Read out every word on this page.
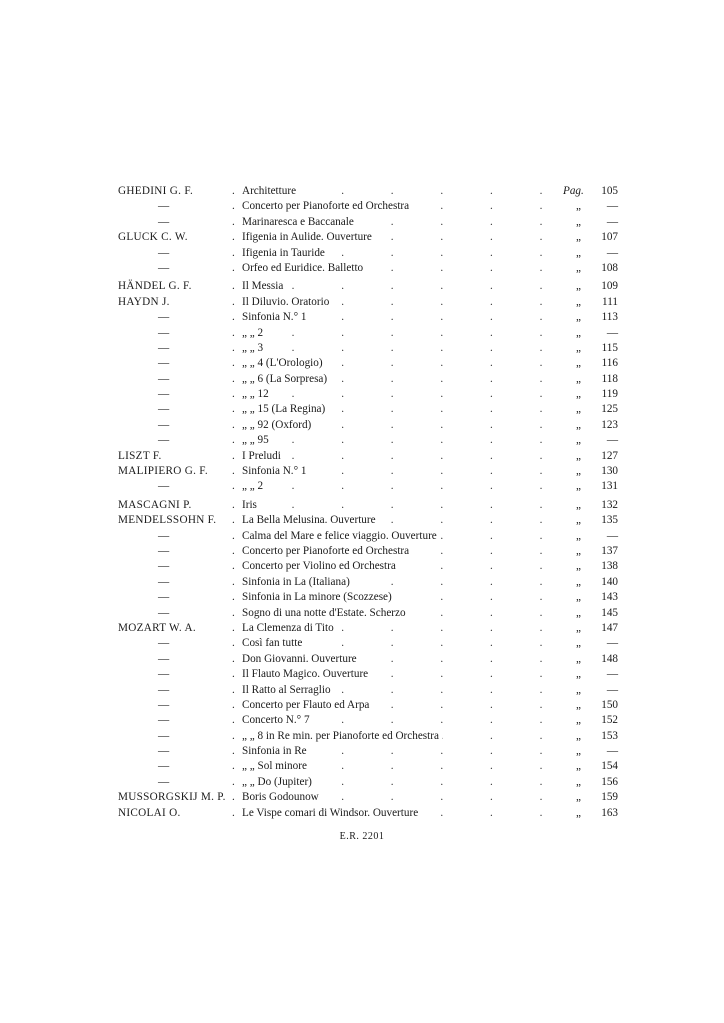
GHEDINI G. F.	. Architetture . . .	Pag.	105
—	. Concerto per Pianoforte ed Orchestra . . .	„	—
—	. Marinaresca e Baccanale . . .	„	—
GLUCK C. W.	. Ifigenia in Aulide. Ouverture . . .	„	107
—	. Ifigenia in Tauride . . .	„	—
—	. Orfeo ed Euridice. Balletto . . .	„	108
HÄNDEL G. F.	. Il Messia . . .	„	109
HAYDN J.	. Il Diluvio. Oratorio . . .	„	111
—	. Sinfonia N.° 1 . . .	„	113
—	. „ „ 2 . . .	„	—
—	. „ „ 3 . . .	„	115
—	. „ „ 4 (L'Orologio) . . .	„	116
—	. „ „ 6 (La Sorpresa) . . .	„	118
—	. „ „ 12 . . .	„	119
—	. „ „ 15 (La Regina) . . .	„	125
—	. „ „ 92 (Oxford) . . .	„	123
—	. „ „ 95 . . .	„	—
LISZT F.	. I Preludi . . .	„	127
MALIPIERO G. F.	. Sinfonia N.° 1 . . .	„	130
—	. „ „ 2 . . .	„	131
MASCAGNI P.	. Iris . . .	„	132
MENDELSSOHN F.	. La Bella Melusina. Ouverture . . .	„	135
—	. Calma del Mare e felice viaggio. Ouverture . . .	„	—
—	. Concerto per Pianoforte ed Orchestra . . .	„	137
—	. Concerto per Violino ed Orchestra . . .	„	138
—	. Sinfonia in La (Italiana) . . .	„	140
—	. Sinfonia in La minore (Scozzese) . . .	„	143
—	. Sogno di una notte d'Estate. Scherzo . . .	„	145
MOZART W. A.	. La Clemenza di Tito . . .	„	147
—	. Così fan tutte . . .	„	—
—	. Don Giovanni. Ouverture . . .	„	148
—	. Il Flauto Magico. Ouverture . . .	„	—
—	. Il Ratto al Serraglio . . .	„	—
—	. Concerto per Flauto ed Arpa . . .	„	150
—	. Concerto N.° 7 . . .	„	152
—	. „ „ 8 in Re min. per Pianoforte ed Orchestra . . .	„	153
—	. Sinfonia in Re . . .	„	—
—	. „ „ Sol minore . . .	„	154
—	. „ „ Do (Jupiter) . . .	„	156
MUSSORGSKIJ M. P. . Boris Godounow . . .	„	159
NICOLAI O.	. Le Vispe comari di Windsor. Ouverture . . .	„	163
E.R. 2201
